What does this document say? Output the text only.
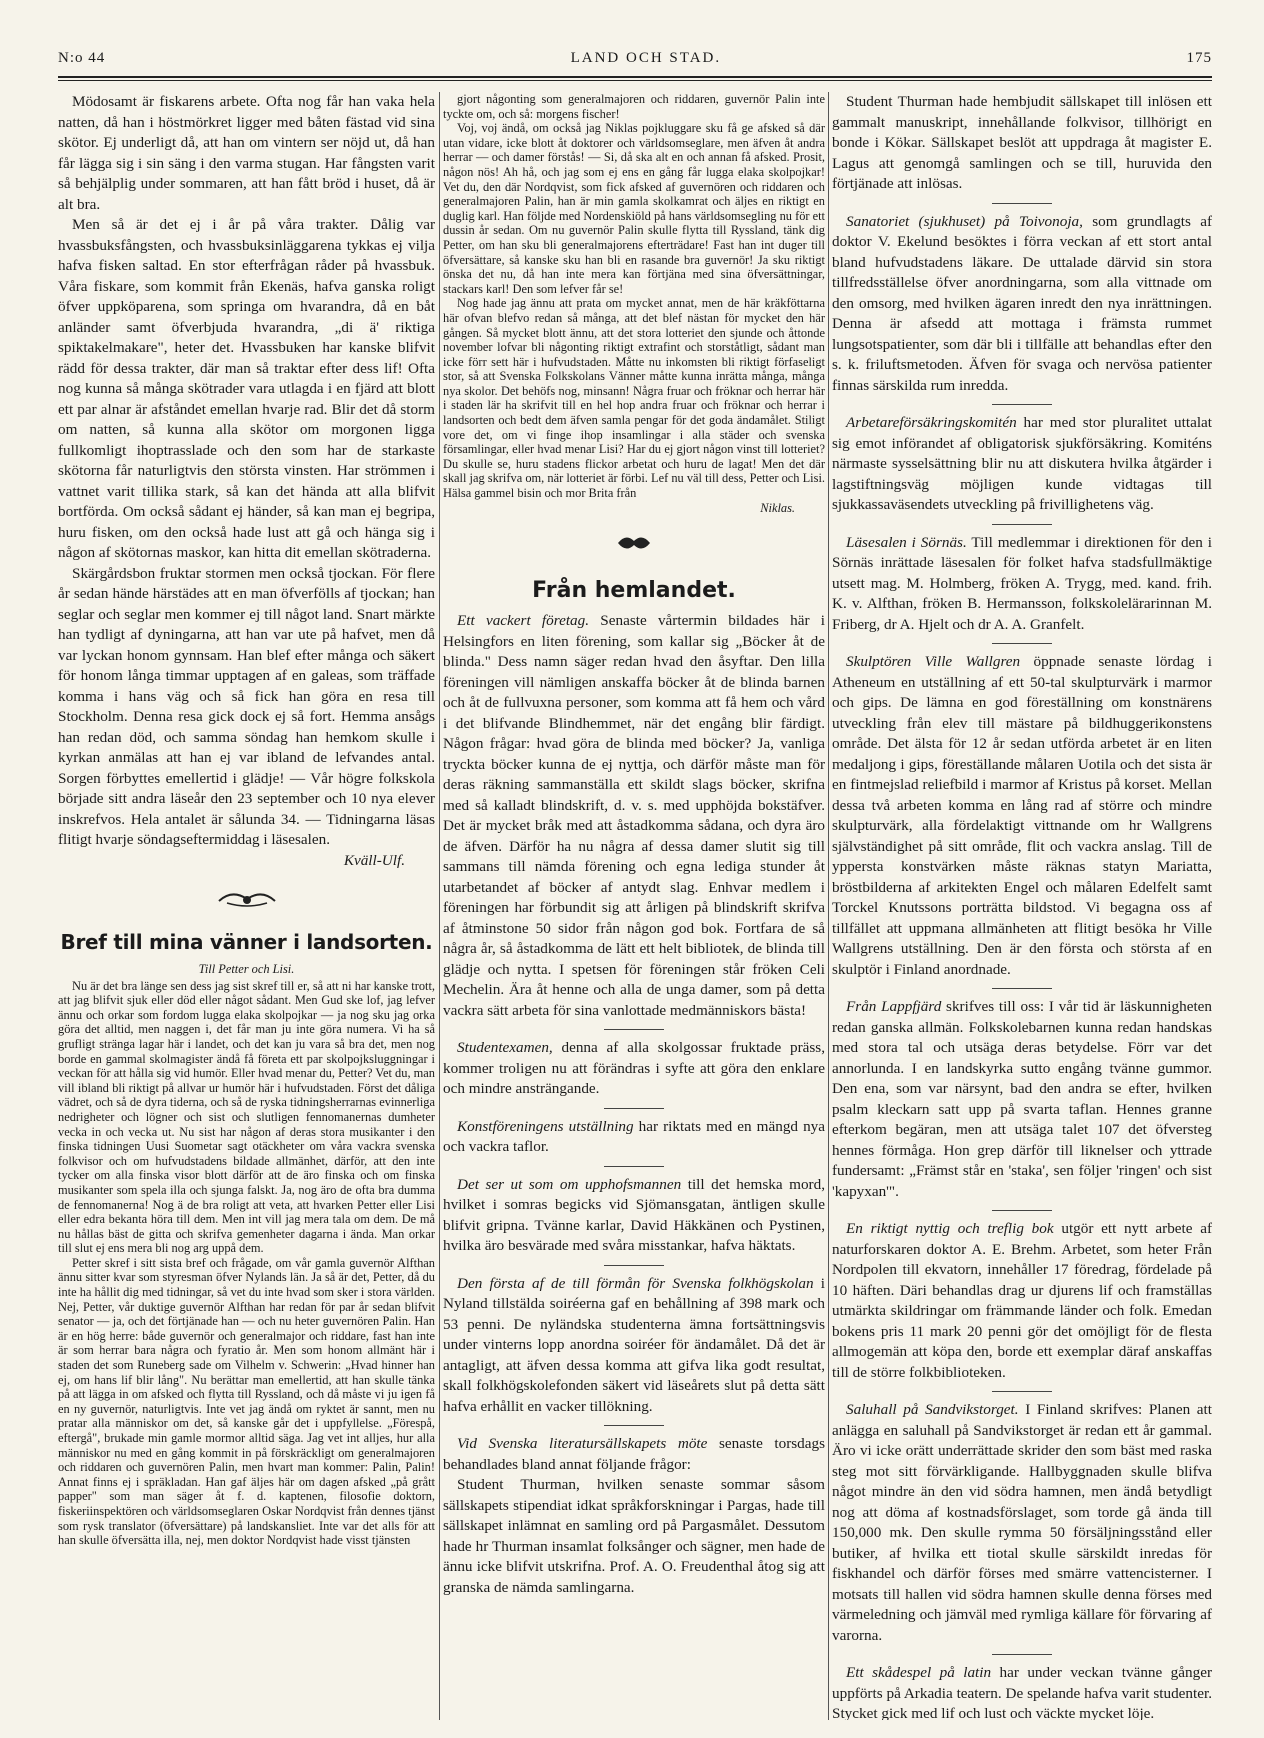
N:o 44	LAND OCH STAD.	175

Mödosamt är fiskarens arbete. Ofta nog får han vaka hela natten, då han i höstmörkret ligger med båten fästad vid sina skötor. Ej underligt då, att han om vintern ser nöjd ut, då han får lägga sig i sin säng i den varma stugan. Har fångsten varit så behjälplig under sommaren, att han fått bröd i huset, då är alt bra.

Men så är det ej i år på våra trakter. Dålig var hvassbuksfångsten, och hvassbuksinläggarena tykkas ej vilja hafva fisken saltad. En stor efterfrågan råder på hvassbuk. Våra fiskare, som kommit från Ekenäs, hafva ganska roligt öfver uppköparena, som springa om hvarandra, då en båt anländer samt öfverbjuda hvarandra, „di ä' riktiga spiktakelmakare", heter det. Hvassbuken har kanske blifvit rädd för dessa trakter, där man så traktar efter dess lif! Ofta nog kunna så många skötrader vara utlagda i en fjärd att blott ett par alnar är afståndet emellan hvarje rad. Blir det då storm om natten, så kunna alla skötor om morgonen ligga fullkomligt ihoptrasslade och den som har de starkaste skötorna får naturligtvis den största vinsten. Har strömmen i vattnet varit tillika stark, så kan det hända att alla blifvit bortförda. Om också sådant ej händer, så kan man ej begripa, huru fisken, om den också hade lust att gå och hänga sig i någon af skötornas maskor, kan hitta dit emellan skötraderna.

Skärgårdsbon fruktar stormen men också tjockan. För flere år sedan hände härstädes att en man öfverfölls af tjockan; han seglar och seglar men kommer ej till något land. Snart märkte han tydligt af dyningarna, att han var ute på hafvet, men då var lyckan honom gynnsam. Han blef efter många och säkert för honom långa timmar upptagen af en galeas, som träffade komma i hans väg och så fick han göra en resa till Stockholm. Denna resa gick dock ej så fort. Hemma ansågs han redan död, och samma söndag han hemkom skulle i kyrkan anmälas att han ej var ibland de lefvandes antal. Sorgen förbyttes emellertid i glädje! — Vår högre folkskola började sitt andra läseår den 23 september och 10 nya elever inskrefvos. Hela antalet är sålunda 34. — Tidningarna läsas flitigt hvarje söndagseftermiddag i läsesalen.

Kväll-Ulf.

Bref till mina vänner i landsorten.

Till Petter och Lisi.

Nu är det bra länge sen dess jag sist skref till er, så att ni har kanske trott, att jag blifvit sjuk eller död eller något sådant. Men Gud ske lof, jag lefver ännu och orkar som fordom lugga elaka skolpojkar — ja nog sku jag orka göra det alltid, men naggen i, det får man ju inte göra numera. Vi ha så grufligt stränga lagar här i landet, och det kan ju vara så bra det, men nog borde en gammal skolmagister ändå få företa ett par skolpojksluggningar i veckan för att hålla sig vid humör. Eller hvad menar du, Petter? Vet du, man vill ibland bli riktigt på allvar ur humör här i hufvudstaden. Först det dåliga vädret, och så de dyra tiderna, och så de ryska tidningsherrarnas evinnerliga nedrigheter och lögner och sist och slutligen fennomanernas dumheter vecka in och vecka ut. Nu sist har någon af deras stora musikanter i den finska tidningen Uusi Suometar sagt otäckheter om våra vackra svenska folkvisor och om hufvudstadens bildade allmänhet, därför, att den inte tycker om alla finska visor blott därför att de äro finska och om finska musikanter som spela illa och sjunga falskt. Ja, nog äro de ofta bra dumma de fennomanerna! Nog ä de bra roligt att veta, att hvarken Petter eller Lisi eller edra bekanta höra till dem. Men int vill jag mera tala om dem. De må nu hållas bäst de gitta och skrifva gemenheter dagarna i ända. Man orkar till slut ej ens mera bli nog arg uppå dem.

Petter skref i sitt sista bref och frågade, om vår gamla guvernör Alfthan ännu sitter kvar som styresman öfver Nylands län. Ja så är det, Petter, då du inte ha hållit dig med tidningar, så vet du inte hvad som sker i stora världen. Nej, Petter, vår duktige guvernör Alfthan har redan för par år sedan blifvit senator — ja, och det förtjänade han — och nu heter guvernören Palin. Han är en hög herre: både guvernör och generalmajor och riddare, fast han inte är som herrar bara några och fyratio år. Men som honom allmänt här i staden det som Runeberg sade om Vilhelm v. Schwerin: „Hvad hinner han ej, om hans lif blir lång". Nu berättar man emellertid, att han skulle tänka på att lägga in om afsked och flytta till Ryssland, och då måste vi ju igen få en ny guvernör, naturligtvis. Inte vet jag ändå om ryktet är sannt, men nu pratar alla människor om det, så kanske går det i uppfyllelse. „Förespå, eftergå", brukade min gamle mormor alltid säga. Jag vet int alljes, hur alla människor nu med en gång kommit in på förskräckligt om generalmajoren och riddaren och guvernören Palin, men hvart man kommer: Palin, Palin! Annat finns ej i spräkladan. Han gaf äljes här om dagen afsked „på grått papper" som man säger åt f. d. kaptenen, filosofie doktorn, fiskeriinspektören och världsomseglaren Oskar Nordqvist från dennes tjänst som rysk translator (öfversättare) på landskansliet. Inte var det alls för att han skulle öfversätta illa, nej, men doktor Nordqvist hade visst tjänsten

gjort någonting som generalmajoren och riddaren, guvernör Palin inte tyckte om, och så: morgens fischer!

Voj, voj ändå, om också jag Niklas pojkluggare sku få ge afsked så där utan vidare, icke blott åt doktorer och världsomseglare, men äfven åt andra herrar — och damer förstås! — Si, då ska alt en och annan få afsked. Prosit, någon nös! Ah hå, och jag som ej ens en gång får lugga elaka skolpojkar! Vet du, den där Nordqvist, som fick afsked af guvernören och riddaren och generalmajoren Palin, han är min gamla skolkamrat och äljes en riktigt en duglig karl. Han följde med Nordenskiöld på hans världsomsegling nu för ett dussin år sedan. Om nu guvernör Palin skulle flytta till Ryssland, tänk dig Petter, om han sku bli generalmajorens efterträdare! Fast han int duger till öfversättare, så kanske sku han bli en rasande bra guvernör! Ja sku riktigt önska det nu, då han inte mera kan förtjäna med sina öfversättningar, stackars karl! Den som lefver får se!

Nog hade jag ännu att prata om mycket annat, men de här kräkföttarna här ofvan blefvo redan så många, att det blef nästan för mycket den här gången. Så mycket blott ännu, att det stora lotteriet den sjunde och åttonde november lofvar bli någonting riktigt extrafint och storståtligt, sådant man icke förr sett här i hufvudstaden. Måtte nu inkomsten bli riktigt förfaseligt stor, så att Svenska Folkskolans Vänner måtte kunna inrätta många, många nya skolor. Det behöfs nog, minsann! Några fruar och fröknar och herrar här i staden lär ha skrifvit till en hel hop andra fruar och fröknar och herrar i landsorten och bedt dem äfven samla pengar för det goda ändamålet. Stiligt vore det, om vi finge ihop insamlingar i alla städer och svenska församlingar, eller hvad menar Lisi? Har du ej gjort någon vinst till lotteriet? Du skulle se, huru stadens flickor arbetat och huru de lagat! Men det där skall jag skrifva om, när lotteriet är förbi. Lef nu väl till dess, Petter och Lisi. Hälsa gammel bisin och mor Brita från

Niklas.

Från hemlandet.

Ett vackert företag. Senaste vårtermin bildades här i Helsingfors en liten förening, som kallar sig „Böcker åt de blinda." Dess namn säger redan hvad den åsyftar. Den lilla föreningen vill nämligen anskaffa böcker åt de blinda barnen och åt de fullvuxna personer, som komma att få hem och vård i det blifvande Blindhemmet, när det engång blir färdigt. Någon frågar: hvad göra de blinda med böcker? Ja, vanliga tryckta böcker kunna de ej nyttja, och därför måste man för deras räkning sammanställa ett skildt slags böcker, skrifna med så kalladt blindskrift, d. v. s. med upphöjda bokstäfver. Det är mycket bråk med att åstadkomma sådana, och dyra äro de äfven. Därför ha nu några af dessa damer slutit sig till sammans till nämda förening och egna lediga stunder åt utarbetandet af böcker af antydt slag. Enhvar medlem i föreningen har förbundit sig att årligen på blindskrift skrifva af åtminstone 50 sidor från någon god bok. Fortfara de så några år, så åstadkomma de lätt ett helt bibliotek, de blinda till glädje och nytta. I spetsen för föreningen står fröken Celi Mechelin. Ära åt henne och alla de unga damer, som på detta vackra sätt arbeta för sina vanlottade medmänniskors bästa!

Studentexamen, denna af alla skolgossar fruktade präss, kommer troligen nu att förändras i syfte att göra den enklare och mindre ansträngande.

Konstföreningens utställning har riktats med en mängd nya och vackra taflor.

Det ser ut som om upphofsmannen till det hemska mord, hvilket i somras begicks vid Sjömansgatan, äntligen skulle blifvit gripna. Tvänne karlar, David Häkkänen och Pystinen, hvilka äro besvärade med svåra misstankar, hafva häktats.

Den första af de till förmån för Svenska folkhögskolan i Nyland tillstälda soiréerna gaf en behållning af 398 mark och 53 penni. De nyländska studenterna ämna fortsättningsvis under vinterns lopp anordna soiréer för ändamålet. Då det är antagligt, att äfven dessa komma att gifva lika godt resultat, skall folkhögskolefonden säkert vid läseårets slut på detta sätt hafva erhållit en vacker tillökning.

Vid Svenska literatursällskapets möte senaste torsdags behandlades bland annat följande frågor:

Student Thurman, hvilken senaste sommar såsom sällskapets stipendiat idkat språkforskningar i Pargas, hade till sällskapet inlämnat en samling ord på Pargasmålet. Dessutom hade hr Thurman insamlat folksånger och sägner, men hade de ännu icke blifvit utskrifna. Prof. A. O. Freudenthal åtog sig att granska de nämda samlingarna.

Student Thurman hade hembjudit sällskapet till inlösen ett gammalt manuskript, innehållande folkvisor, tillhörigt en bonde i Kökar. Sällskapet beslöt att uppdraga åt magister E. Lagus att genomgå samlingen och se till, huruvida den förtjänade att inlösas.

Sanatoriet (sjukhuset) på Toivonoja, som grundlagts af doktor V. Ekelund besöktes i förra veckan af ett stort antal bland hufvudstadens läkare. De uttalade därvid sin stora tillfredsställelse öfver anordningarna, som alla vittnade om den omsorg, med hvilken ägaren inredt den nya inrättningen. Denna är afsedd att mottaga i främsta rummet lungsotspatienter, som där bli i tillfälle att behandlas efter den s. k. friluftsmetoden. Äfven för svaga och nervösa patienter finnas särskilda rum inredda.

Arbetareförsäkringskomitén har med stor pluralitet uttalat sig emot införandet af obligatorisk sjukförsäkring. Komiténs närmaste sysselsättning blir nu att diskutera hvilka åtgärder i lagstiftningsväg möjligen kunde vidtagas till sjukkassaväsendets utveckling på frivillighetens väg.

Läsesalen i Sörnäs. Till medlemmar i direktionen för den i Sörnäs inrättade läsesalen för folket hafva stadsfullmäktige utsett mag. M. Holmberg, fröken A. Trygg, med. kand. frih. K. v. Alfthan, fröken B. Hermansson, folkskolelärarinnan M. Friberg, dr A. Hjelt och dr A. A. Granfelt.

Skulptören Ville Wallgren öppnade senaste lördag i Atheneum en utställning af ett 50-tal skulpturvärk i marmor och gips. De lämna en god föreställning om konstnärens utveckling från elev till mästare på bildhuggerikonstens område. Det älsta för 12 år sedan utförda arbetet är en liten medaljong i gips, föreställande målaren Uotila och det sista är en fintmejslad reliefbild i marmor af Kristus på korset. Mellan dessa två arbeten komma en lång rad af större och mindre skulpturvärk, alla fördelaktigt vittnande om hr Wallgrens självständighet på sitt område, flit och vackra anslag. Till de yppersta konstvärken måste räknas statyn Mariatta, bröstbilderna af arkitekten Engel och målaren Edelfelt samt Torckel Knutssons porträtta bildstod. Vi begagna oss af tillfället att uppmana allmänheten att flitigt besöka hr Ville Wallgrens utställning. Den är den första och största af en skulptör i Finland anordnade.

Från Lappfjärd skrifves till oss: I vår tid är läskunnigheten redan ganska allmän. Folkskolebarnen kunna redan handskas med stora tal och utsäga deras betydelse. Förr var det annorlunda. I en landskyrka sutto engång tvänne gummor. Den ena, som var närsynt, bad den andra se efter, hvilken psalm kleckarn satt upp på svarta taflan. Hennes granne efterkom begäran, men att utsäga talet 107 det öfversteg hennes förmåga. Hon grep därför till liknelser och yttrade fundersamt: „Främst står en 'staka', sen följer 'ringen' och sist 'kapyxan'".

En riktigt nyttig och treflig bok utgör ett nytt arbete af naturforskaren doktor A. E. Brehm. Arbetet, som heter Från Nordpolen till ekvatorn, innehåller 17 föredrag, fördelade på 10 häften. Däri behandlas drag ur djurens lif och framställas utmärkta skildringar om främmande länder och folk. Emedan bokens pris 11 mark 20 penni gör det omöjligt för de flesta allmogemän att köpa den, borde ett exemplar däraf anskaffas till de större folkbiblioteken.

Saluhall på Sandvikstorget. I Finland skrifves: Planen att anlägga en saluhall på Sandvikstorget är redan ett år gammal. Äro vi icke orätt underrättade skrider den som bäst med raska steg mot sitt förvärkligande. Hallbyggnaden skulle blifva något mindre än den vid södra hamnen, men ändå betydligt nog att döma af kostnadsförslaget, som torde gå ända till 150,000 mk. Den skulle rymma 50 försäljningsstånd eller butiker, af hvilka ett tiotal skulle särskildt inredas för fiskhandel och därför förses med smärre vattencisterner. I motsats till hallen vid södra hamnen skulle denna förses med värmeledning och jämväl med rymliga källare för förvaring af varorna.

Ett skådespel på latin har under veckan tvänne gånger uppförts på Arkadia teatern. De spelande hafva varit studenter. Stycket gick med lif och lust och väckte mycket löje.
